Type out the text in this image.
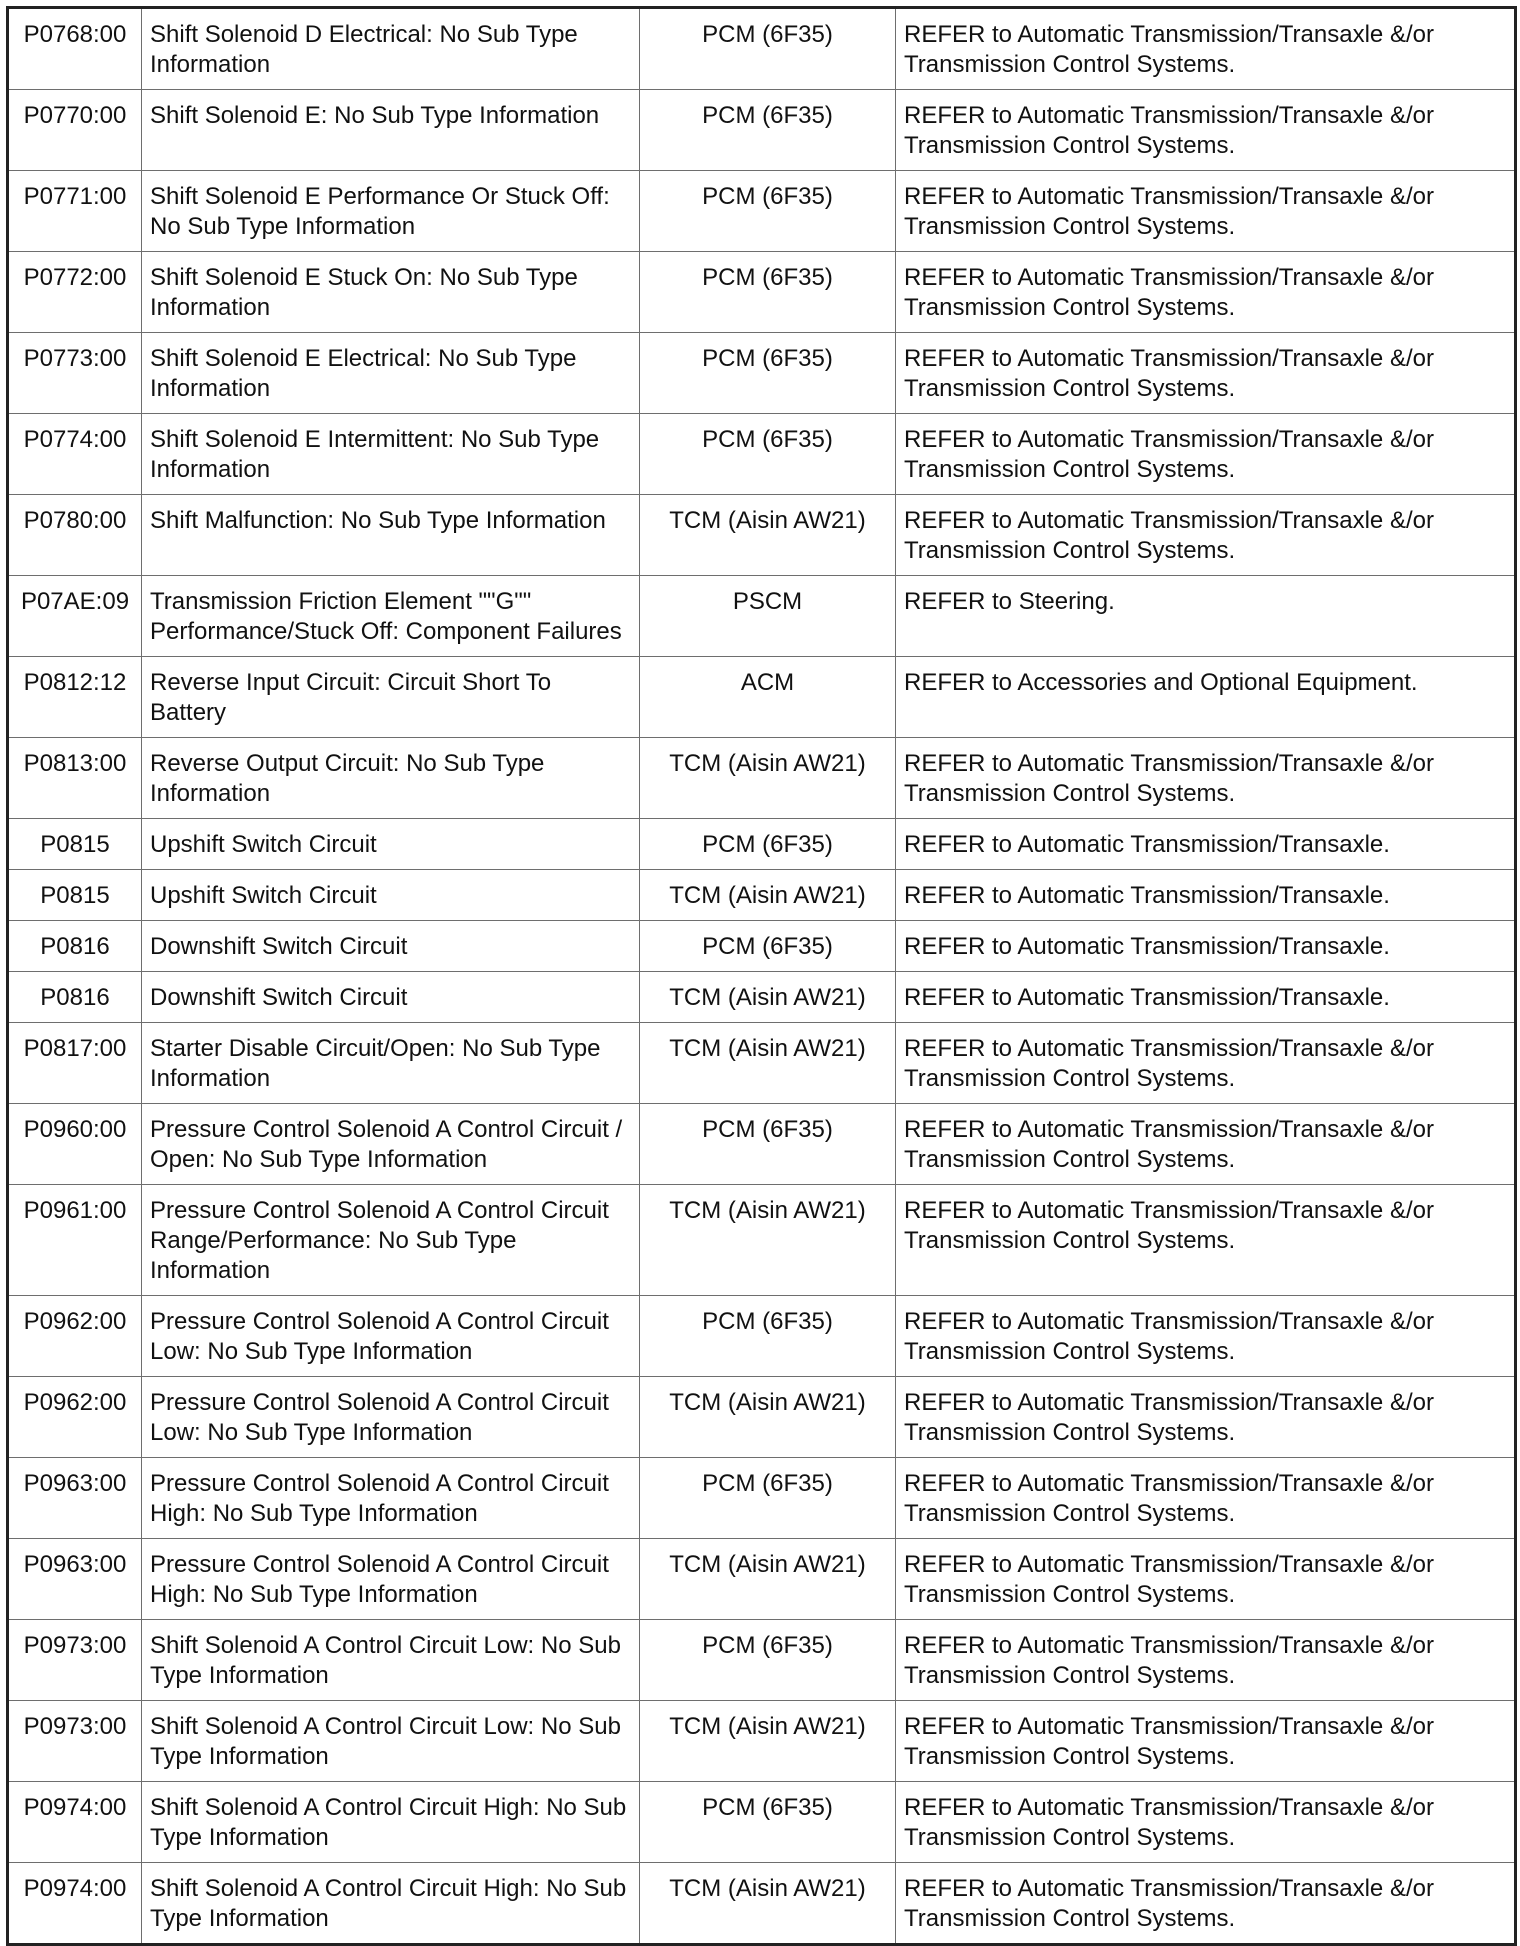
P0768:00	Shift Solenoid D Electrical: No Sub Type Information	PCM (6F35)	REFER to Automatic Transmission/Transaxle &/or Transmission Control Systems.
P0770:00	Shift Solenoid E: No Sub Type Information	PCM (6F35)	REFER to Automatic Transmission/Transaxle &/or Transmission Control Systems.
P0771:00	Shift Solenoid E Performance Or Stuck Off: No Sub Type Information	PCM (6F35)	REFER to Automatic Transmission/Transaxle &/or Transmission Control Systems.
P0772:00	Shift Solenoid E Stuck On: No Sub Type Information	PCM (6F35)	REFER to Automatic Transmission/Transaxle &/or Transmission Control Systems.
P0773:00	Shift Solenoid E Electrical: No Sub Type Information	PCM (6F35)	REFER to Automatic Transmission/Transaxle &/or Transmission Control Systems.
P0774:00	Shift Solenoid E Intermittent: No Sub Type Information	PCM (6F35)	REFER to Automatic Transmission/Transaxle &/or Transmission Control Systems.
P0780:00	Shift Malfunction: No Sub Type Information	TCM (Aisin AW21)	REFER to Automatic Transmission/Transaxle &/or Transmission Control Systems.
P07AE:09	Transmission Friction Element ""G"" Performance/Stuck Off: Component Failures	PSCM	REFER to Steering.
P0812:12	Reverse Input Circuit: Circuit Short To Battery	ACM	REFER to Accessories and Optional Equipment.
P0813:00	Reverse Output Circuit: No Sub Type Information	TCM (Aisin AW21)	REFER to Automatic Transmission/Transaxle &/or Transmission Control Systems.
P0815	Upshift Switch Circuit	PCM (6F35)	REFER to Automatic Transmission/Transaxle.
P0815	Upshift Switch Circuit	TCM (Aisin AW21)	REFER to Automatic Transmission/Transaxle.
P0816	Downshift Switch Circuit	PCM (6F35)	REFER to Automatic Transmission/Transaxle.
P0816	Downshift Switch Circuit	TCM (Aisin AW21)	REFER to Automatic Transmission/Transaxle.
P0817:00	Starter Disable Circuit/Open: No Sub Type Information	TCM (Aisin AW21)	REFER to Automatic Transmission/Transaxle &/or Transmission Control Systems.
P0960:00	Pressure Control Solenoid A Control Circuit / Open: No Sub Type Information	PCM (6F35)	REFER to Automatic Transmission/Transaxle &/or Transmission Control Systems.
P0961:00	Pressure Control Solenoid A Control Circuit Range/Performance: No Sub Type Information	TCM (Aisin AW21)	REFER to Automatic Transmission/Transaxle &/or Transmission Control Systems.
P0962:00	Pressure Control Solenoid A Control Circuit Low: No Sub Type Information	PCM (6F35)	REFER to Automatic Transmission/Transaxle &/or Transmission Control Systems.
P0962:00	Pressure Control Solenoid A Control Circuit Low: No Sub Type Information	TCM (Aisin AW21)	REFER to Automatic Transmission/Transaxle &/or Transmission Control Systems.
P0963:00	Pressure Control Solenoid A Control Circuit High: No Sub Type Information	PCM (6F35)	REFER to Automatic Transmission/Transaxle &/or Transmission Control Systems.
P0963:00	Pressure Control Solenoid A Control Circuit High: No Sub Type Information	TCM (Aisin AW21)	REFER to Automatic Transmission/Transaxle &/or Transmission Control Systems.
P0973:00	Shift Solenoid A Control Circuit Low: No Sub Type Information	PCM (6F35)	REFER to Automatic Transmission/Transaxle &/or Transmission Control Systems.
P0973:00	Shift Solenoid A Control Circuit Low: No Sub Type Information	TCM (Aisin AW21)	REFER to Automatic Transmission/Transaxle &/or Transmission Control Systems.
P0974:00	Shift Solenoid A Control Circuit High: No Sub Type Information	PCM (6F35)	REFER to Automatic Transmission/Transaxle &/or Transmission Control Systems.
P0974:00	Shift Solenoid A Control Circuit High: No Sub Type Information	TCM (Aisin AW21)	REFER to Automatic Transmission/Transaxle &/or Transmission Control Systems.
